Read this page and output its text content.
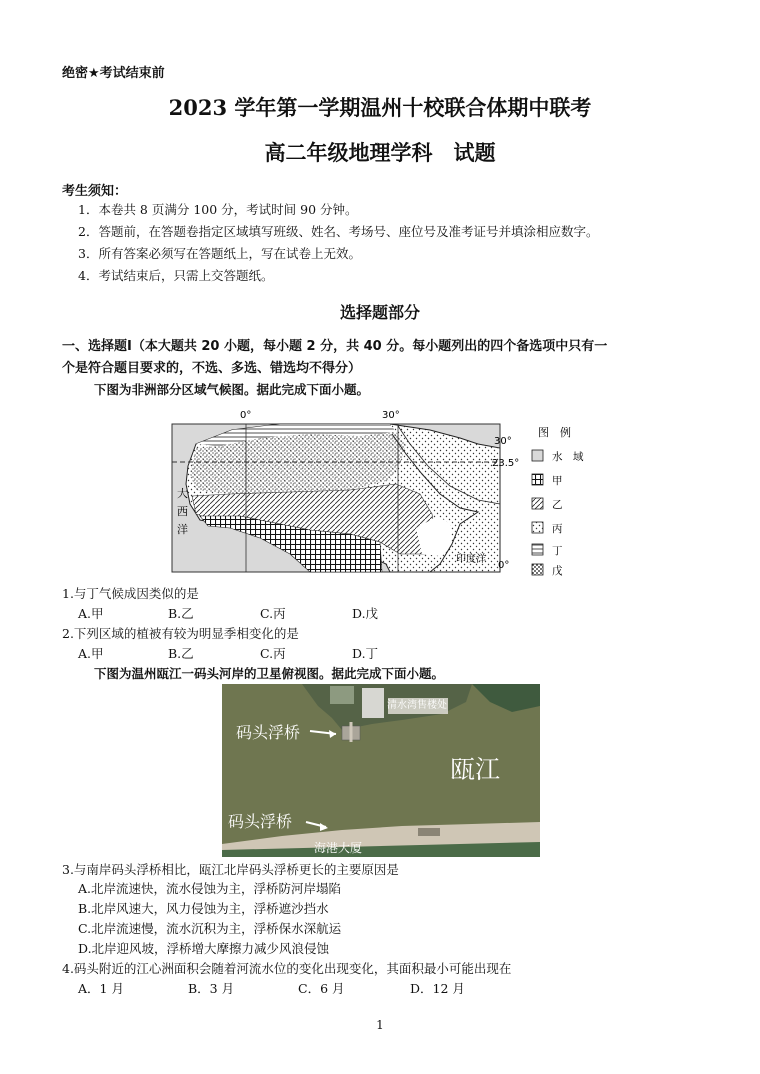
绝密★考试结束前
2023 学年第一学期温州十校联合体期中联考
高二年级地理学科　试题
考生须知：
1．本卷共 8 页满分 100 分，考试时间 90 分钟。
2．答题前，在答题卷指定区域填写班级、姓名、考场号、座位号及准考证号并填涂相应数字。
3．所有答案必须写在答题纸上，写在试卷上无效。
4．考试结束后，只需上交答题纸。
选择题部分
一、选择题Ⅰ（本大题共 20 小题，每小题 2 分，共 40 分。每小题列出的四个备选项中只有一
个是符合题目要求的，不选、多选、错选均不得分）
下图为非洲部分区域气候图。据此完成下面小题。
0°	30°
30°
23.5°
0°
大
西
洋
印度洋
图　例
水　域
甲
乙
丙
丁
戊
1.与丁气候成因类似的是
A.甲	B.乙	C.丙	D.戊
2.下列区域的植被有较为明显季相变化的是
A.甲	B.乙	C.丙	D.丁
下图为温州瓯江一码头河岸的卫星俯视图。据此完成下面小题。
码头浮桥
清水湾售楼处
瓯江
码头浮桥
海港大厦
3.与南岸码头浮桥相比，瓯江北岸码头浮桥更长的主要原因是
A.北岸流速快，流水侵蚀为主，浮桥防河岸塌陷
B.北岸风速大，风力侵蚀为主，浮桥遮沙挡水
C.北岸流速慢，流水沉积为主，浮桥保水深航运
D.北岸迎风坡，浮桥增大摩擦力减少风浪侵蚀
4.码头附近的江心洲面积会随着河流水位的变化出现变化，其面积最小可能出现在
A．1 月	B．3 月	C．6 月	D．12 月
1
